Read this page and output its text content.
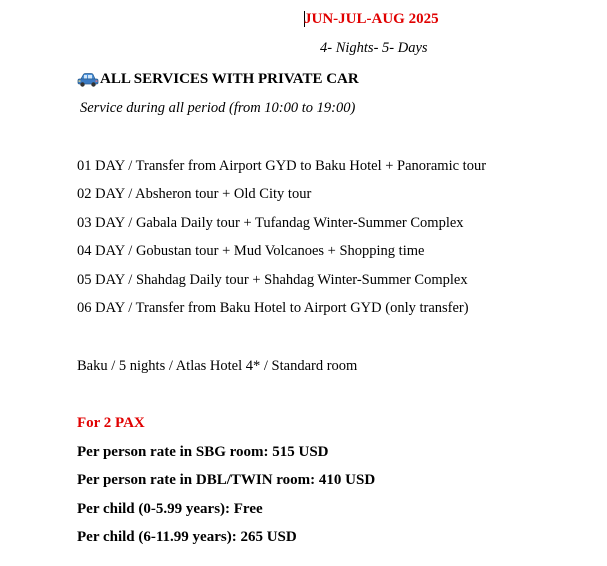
JUN-JUL-AUG 2025
4- Nights- 5- Days
ALL SERVICES WITH PRIVATE CAR
Service during all period (from 10:00 to 19:00)
01 DAY / Transfer from Airport GYD to Baku Hotel + Panoramic tour
02 DAY / Absheron tour + Old City tour
03 DAY / Gabala Daily tour + Tufandag Winter-Summer Complex
04 DAY / Gobustan tour + Mud Volcanoes + Shopping time
05 DAY / Shahdag Daily tour + Shahdag Winter-Summer Complex
06 DAY / Transfer from Baku Hotel to Airport GYD (only transfer)
Baku / 5 nights / Atlas Hotel 4* / Standard room
For 2 PAX
Per person rate in SBG room: 515 USD
Per person rate in DBL/TWIN room: 410 USD
Per child (0-5.99 years): Free
Per child (6-11.99 years): 265 USD
